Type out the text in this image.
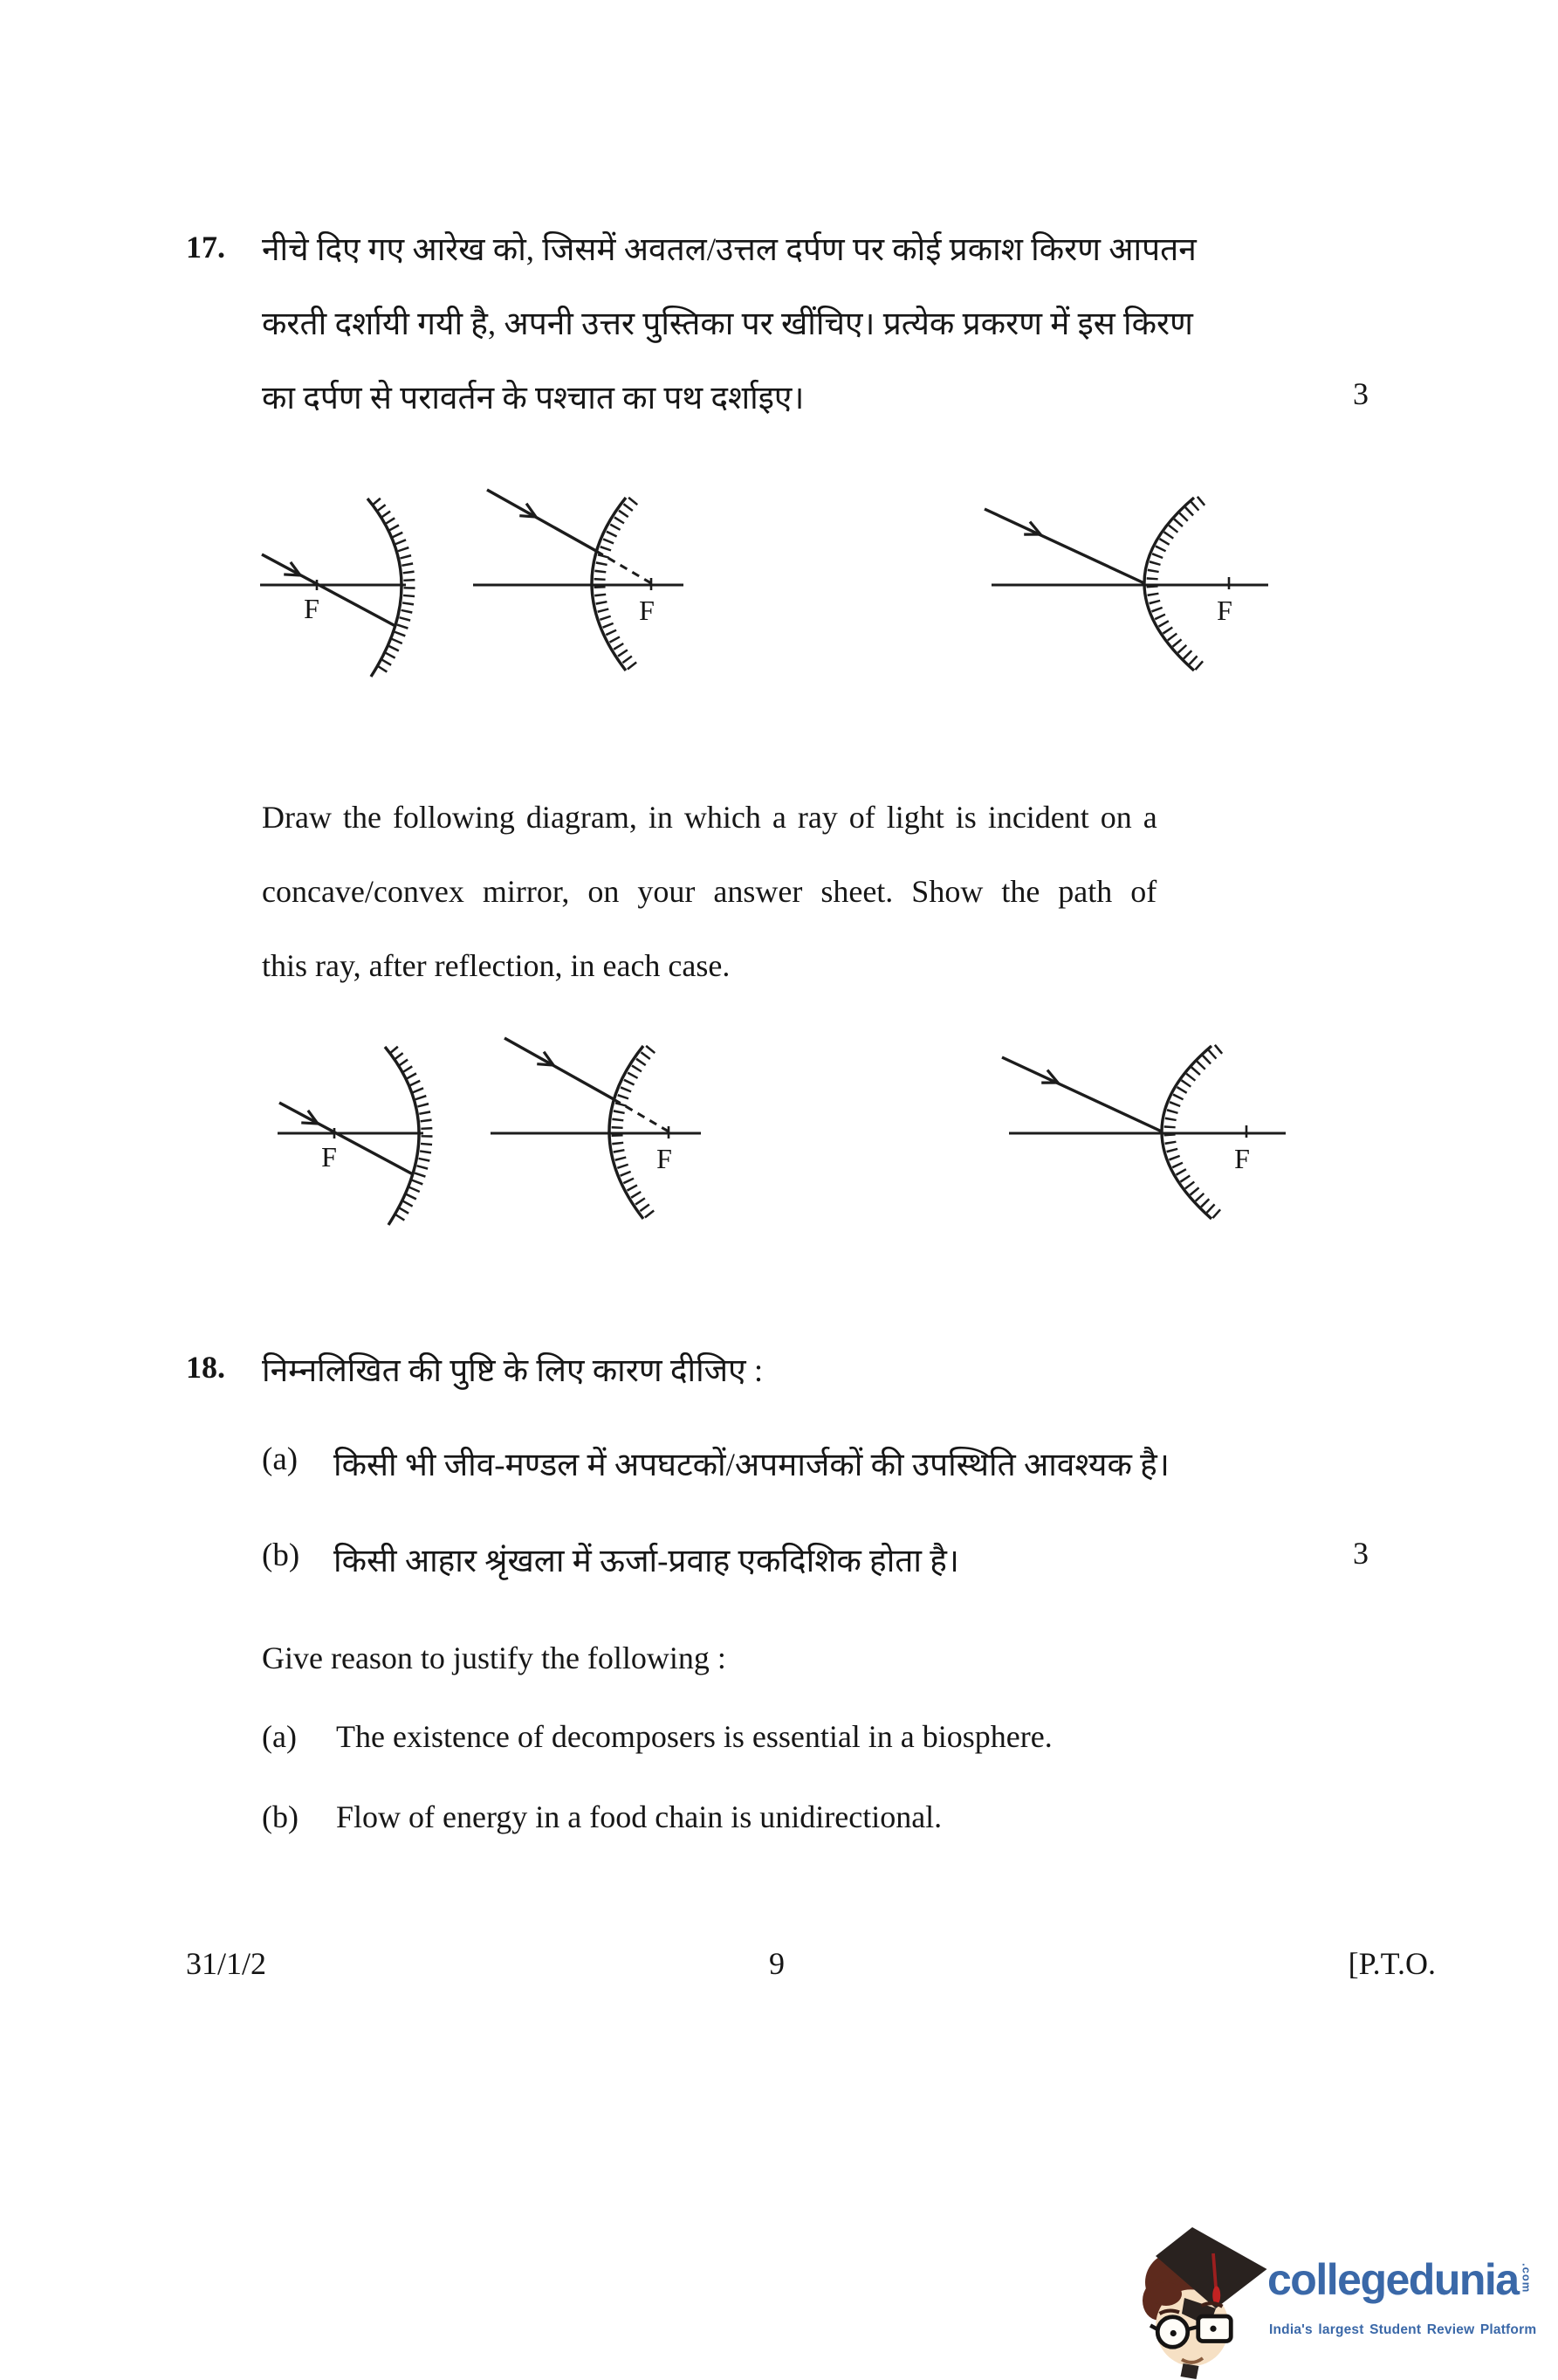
17. नीचे दिए गए आरेख को, जिसमें अवतल/उत्तल दर्पण पर कोई प्रकाश किरण आपतन
करती दर्शायी गयी है, अपनी उत्तर पुस्तिका पर खींचिए। प्रत्येक प्रकरण में इस किरण
का दर्पण से परावर्तन के पश्चात का पथ दर्शाइए।	3
F	F	F
Draw the following diagram, in which a ray of light is incident on a
concave/convex mirror, on your answer sheet. Show the path of
this ray, after reflection, in each case.
F	F	F
18. निम्नलिखित की पुष्टि के लिए कारण दीजिए :
(a) किसी भी जीव-मण्डल में अपघटकों/अपमार्जकों की उपस्थिति आवश्यक है।
(b) किसी आहार श्रृंखला में ऊर्जा-प्रवाह एकदिशिक होता है।	3
Give reason to justify the following :
(a) The existence of decomposers is essential in a biosphere.
(b) Flow of energy in a food chain is unidirectional.
31/1/2	9	[P.T.O.
collegedunia .com
India's largest Student Review Platform
